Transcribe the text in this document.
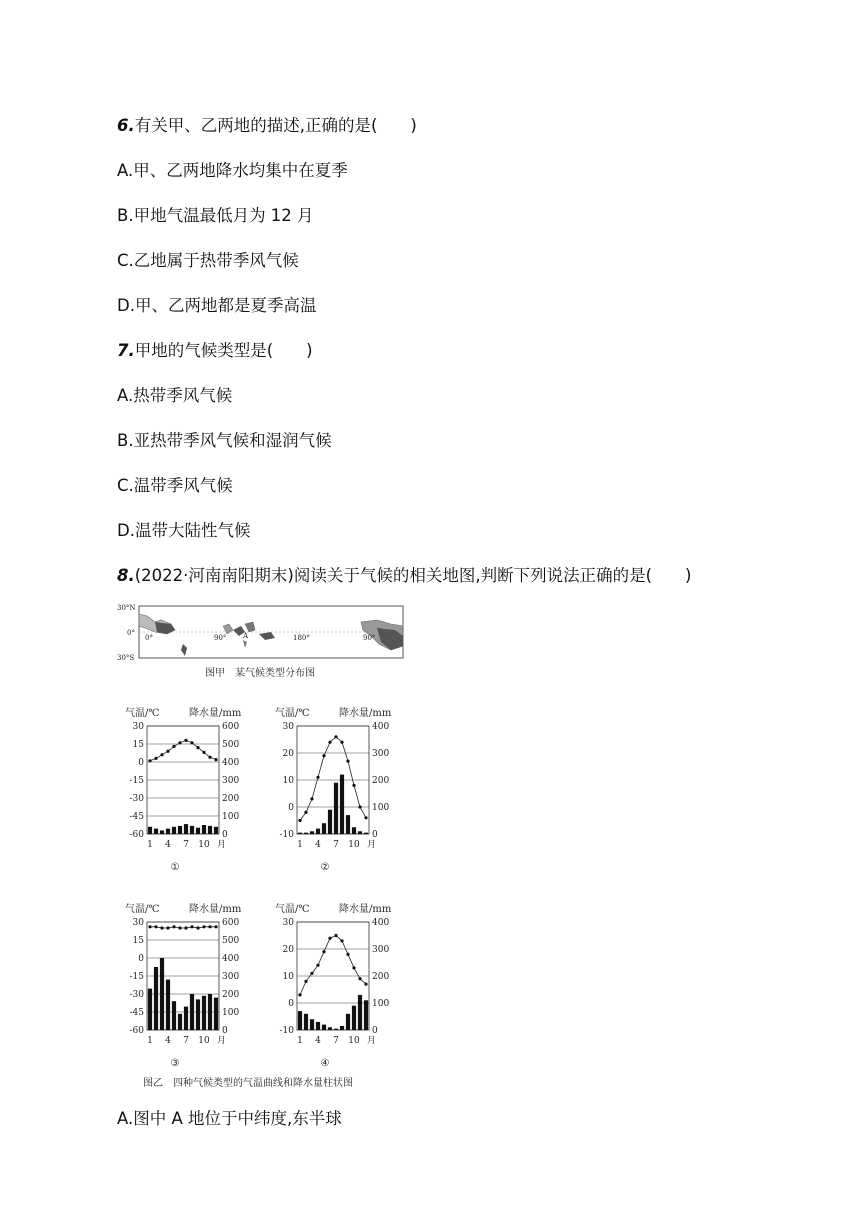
6.有关甲、乙两地的描述,正确的是(　　)
A.甲、乙两地降水均集中在夏季
B.甲地气温最低月为 12 月
C.乙地属于热带季风气候
D.甲、乙两地都是夏季高温
7.甲地的气候类型是(　　)
A.热带季风气候
B.亚热带季风气候和湿润气候
C.温带季风气候
D.温带大陆性气候
8.(2022·河南南阳期末)阅读关于气候的相关地图,判断下列说法正确的是(　　)
30°N
0°
30°S
0°	90°	180°	90°
A
图甲　某气候类型分布图
图乙　四种气候类型的气温曲线和降水量柱状图
气温/℃	降水量/mm
30	600
15	500
0	400
-15	300
-30	200
-45	100
-60	0
1 4 7 10 月
①
气温/℃	降水量/mm
30	400
20	300
10	200
0	100
-10	0
1 4 7 10 月
②
气温/℃	降水量/mm
30	600
15	500
0	400
-15	300
-30	200
-45	100
-60	0
1 4 7 10 月
③
气温/℃	降水量/mm
30	400
20	300
10	200
0	100
-10	0
1 4 7 10 月
④
A.图中 A 地位于中纬度,东半球
